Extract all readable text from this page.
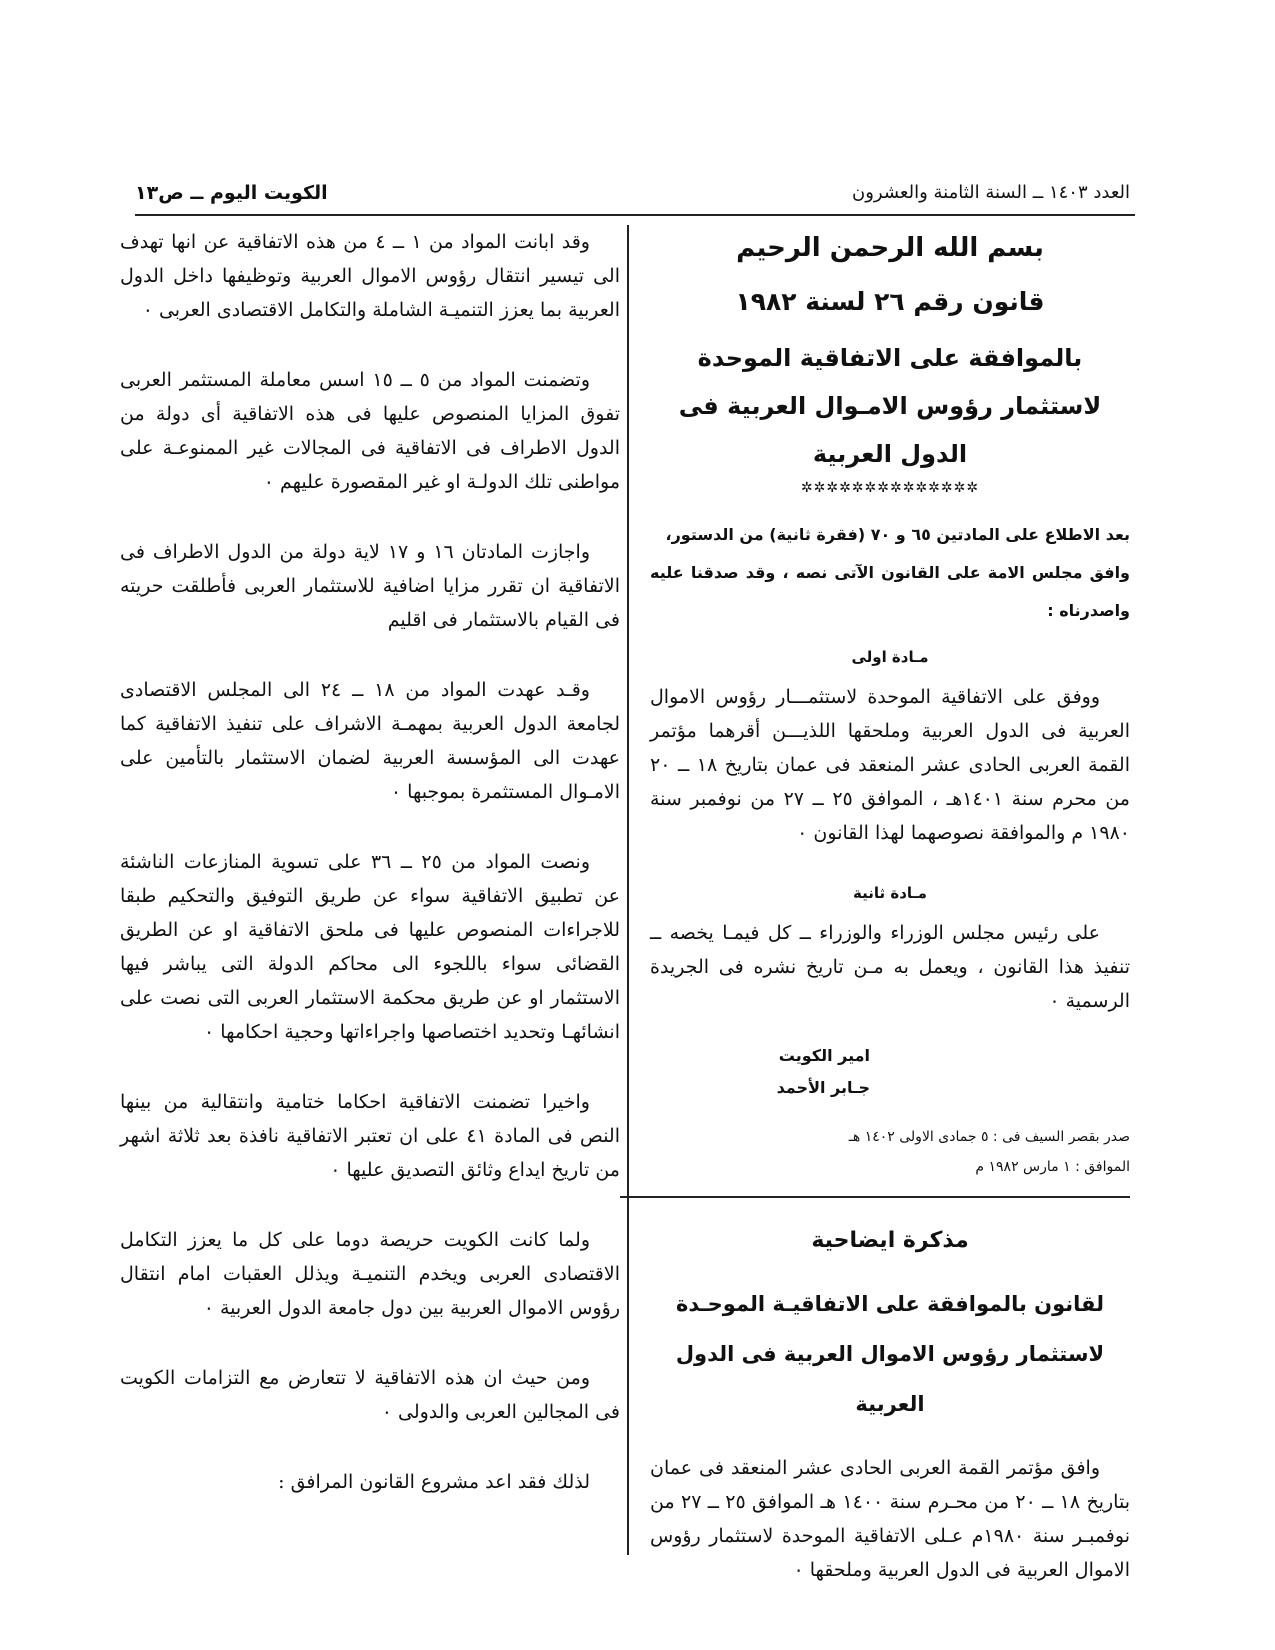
العدد ١٤٠٣ ــ السنة الثامنة والعشرون
الكويت اليوم ــ ص١٣

بسم الله الرحمن الرحيم

قانون رقم ٢٦ لسنة ١٩٨٢

بالموافقة على الاتفاقية الموحدة لاستثمار رؤوس الامـوال العربية فى الدول العربية

✲✲✲✲✲✲✲✲✲✲✲✲✲✲

بعد الاطلاع على المادتين ٦٥ و ٧٠ (فقرة ثانية) من الدستور،

وافق مجلس الامة على القانون الآتى نصه ، وقد صدقنا عليه واصدرناه :

مـادة اولى

ووفق على الاتفاقية الموحدة لاستثمـــار رؤوس الاموال العربية فى الدول العربية وملحقها اللذيـــن أقرهما مؤتمر القمة العربى الحادى عشر المنعقد فى عمان بتاريخ ١٨ ــ ٢٠ من محرم سنة ١٤٠١هـ ، الموافق ٢٥ ــ ٢٧ من نوفمبر سنة ١٩٨٠ م والموافقة نصوصهما لهذا القانون ٠

مـادة ثانية

على رئيس مجلس الوزراء والوزراء ــ كل فيمـا يخصه ــ تنفيذ هذا القانون ، ويعمل به مـن تاريخ نشره فى الجريدة الرسمية ٠

امير الكويت

جـابر الأحمد

صدر بقصر السيف فى : ٥ جمادى الاولى ١٤٠٢ هـ

الموافق : ١ مارس ١٩٨٢ م

مذكرة ايضاحية

لقانون بالموافقة على الاتفاقيـة الموحـدة لاستثمار رؤوس الاموال العربية فى الدول العربية

وافق مؤتمر القمة العربى الحادى عشر المنعقد فى عمان بتاريخ ١٨ ــ ٢٠ من محـرم سنة ١٤٠٠ هـ الموافق ٢٥ ــ ٢٧ من نوفمبـر سنة ١٩٨٠م عـلى الاتفاقية الموحدة لاستثمار رؤوس الاموال العربية فى الدول العربية وملحقها ٠

وقد ابانت المواد من ١ ــ ٤ من هذه الاتفاقية عن انها تهدف الى تيسير انتقال رؤوس الاموال العربية وتوظيفها داخل الدول العربية بما يعزز التنميـة الشاملة والتكامل الاقتصادى العربى ٠

وتضمنت المواد من ٥ ــ ١٥ اسس معاملة المستثمر العربى تفوق المزايا المنصوص عليها فى هذه الاتفاقية أى دولة من الدول الاطراف فى الاتفاقية فى المجالات غير الممنوعـة على مواطنى تلك الدولـة او غير المقصورة عليهم ٠

واجازت المادتان ١٦ و ١٧ لاية دولة من الدول الاطراف فى الاتفاقية ان تقرر مزايا اضافية للاستثمار العربى فأطلقت حريته فى القيام بالاستثمار فى اقليم

وقـد عهدت المواد من ١٨ ــ ٢٤ الى المجلس الاقتصادى لجامعة الدول العربية بمهمـة الاشراف على تنفيذ الاتفاقية كما عهدت الى المؤسسة العربية لضمان الاستثمار بالتأمين على الامـوال المستثمرة بموجبها ٠

ونصت المواد من ٢٥ ــ ٣٦ على تسوية المنازعات الناشئة عن تطبيق الاتفاقية سواء عن طريق التوفيق والتحكيم طبقا للاجراءات المنصوص عليها فى ملحق الاتفاقية او عن الطريق القضائى سواء باللجوء الى محاكم الدولة التى يباشر فيها الاستثمار او عن طريق محكمة الاستثمار العربى التى نصت على انشائهـا وتحديد اختصاصها واجراءاتها وحجية احكامها ٠

واخيرا تضمنت الاتفاقية احكاما ختامية وانتقالية من بينها النص فى المادة ٤١ على ان تعتبر الاتفاقية نافذة بعد ثلاثة اشهر من تاريخ ايداع وثائق التصديق عليها ٠

ولما كانت الكويت حريصة دوما على كل ما يعزز التكامل الاقتصادى العربى ويخدم التنميـة ويذلل العقبات امام انتقال رؤوس الاموال العربية بين دول جامعة الدول العربية ٠

ومن حيث ان هذه الاتفاقية لا تتعارض مع التزامات الكويت فى المجالين العربى والدولى ٠

لذلك فقد اعد مشروع القانون المرافق :
